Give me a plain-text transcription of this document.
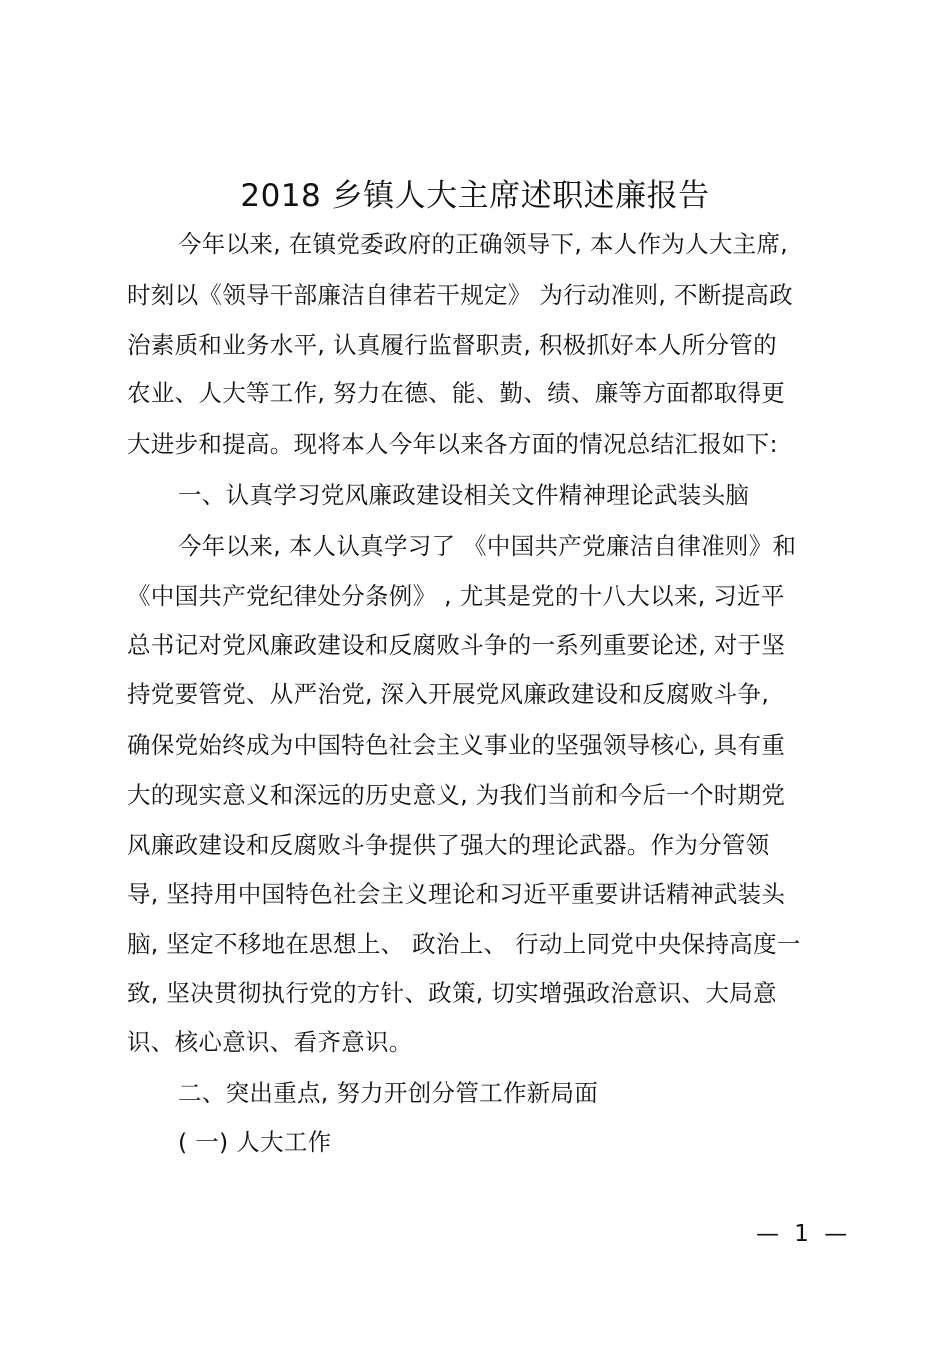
2018 乡镇人大主席述职述廉报告
今年以来, 在镇党委政府的正确领导下, 本人作为人大主席,
时刻以《领导干部廉洁自律若干规定》 为行动准则, 不断提高政
治素质和业务水平, 认真履行监督职责, 积极抓好本人所分管的
农业、人大等工作, 努力在德、能、勤、绩、廉等方面都取得更
大进步和提高。现将本人今年以来各方面的情况总结汇报如下:
一、认真学习党风廉政建设相关文件精神理论武装头脑
今年以来, 本人认真学习了 《中国共产党廉洁自律准则》和
《中国共产党纪律处分条例》 , 尤其是党的十八大以来, 习近平
总书记对党风廉政建设和反腐败斗争的一系列重要论述, 对于坚
持党要管党、从严治党, 深入开展党风廉政建设和反腐败斗争,
确保党始终成为中国特色社会主义事业的坚强领导核心, 具有重
大的现实意义和深远的历史意义, 为我们当前和今后一个时期党
风廉政建设和反腐败斗争提供了强大的理论武器。作为分管领
导, 坚持用中国特色社会主义理论和习近平重要讲话精神武装头
脑, 坚定不移地在思想上、 政治上、 行动上同党中央保持高度一
致, 坚决贯彻执行党的方针、政策, 切实增强政治意识、大局意
识、核心意识、看齐意识。
二、突出重点, 努力开创分管工作新局面
( 一) 人大工作
— 1 —
